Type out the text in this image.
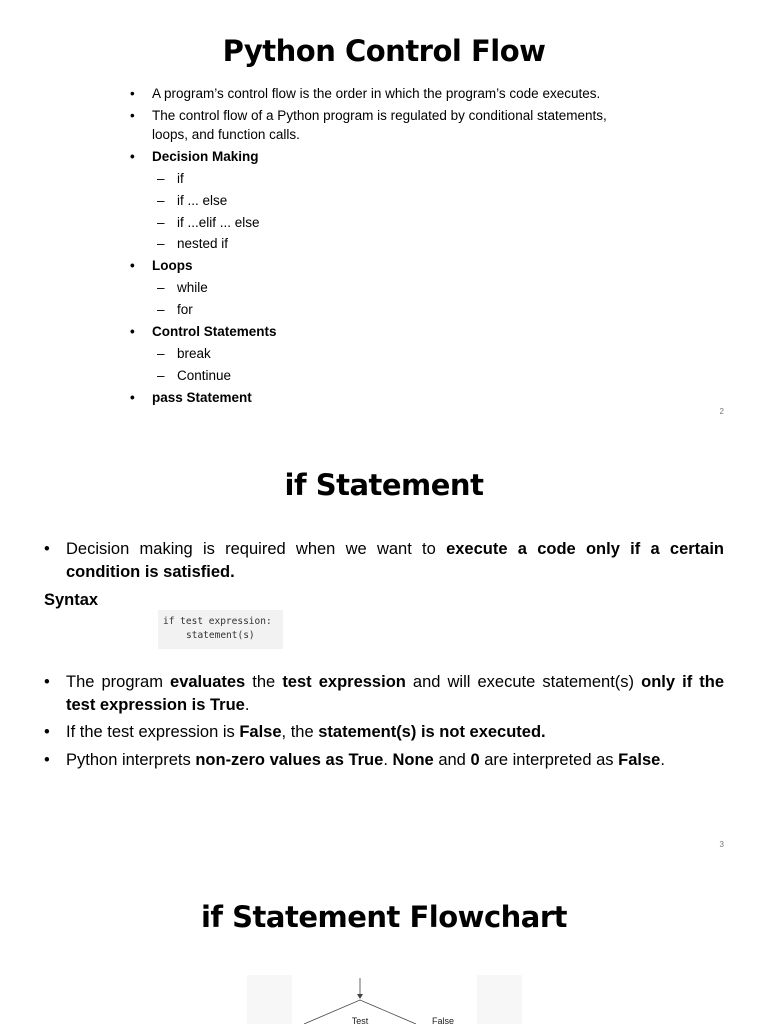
Python Control Flow
• A program’s control flow is the order in which the program’s code executes.
• The control flow of a Python program is regulated by conditional statements,
loops, and function calls.
• Decision Making
– if
– if ... else
– if ...elif ... else
– nested if
• Loops
– while
– for
• Control Statements
– break
– Continue
• pass Statement
2
if Statement
• Decision making is required when we want to execute a code only if a certain
condition is satisfied.
Syntax
if test expression:
statement(s)
• The program evaluates the test expression and will execute statement(s) only if the
test expression is True.
• If the test expression is False, the statement(s) is not executed.
• Python interprets non-zero values as True. None and 0 are interpreted as False.
3
if Statement Flowchart
Test	False
